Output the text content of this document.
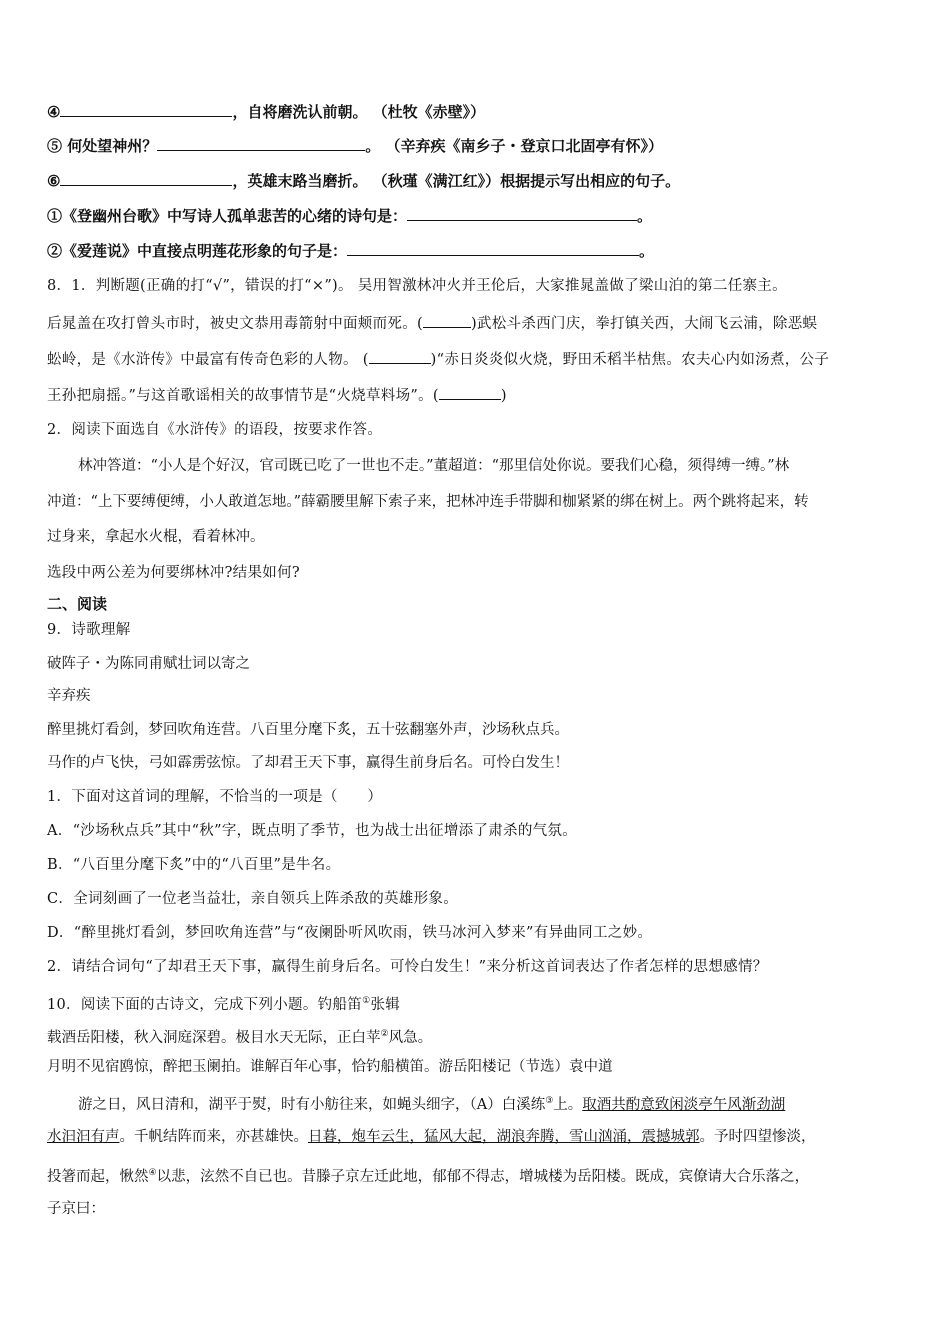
④	，自将磨洗认前朝。 （杜牧《赤壁》）
⑤ 何处望神州？	。 （辛弃疾《南乡子・登京口北固亭有怀》）
⑥	，英雄末路当磨折。 （秋瑾《满江红》）根据提示写出相应的句子。
①《登幽州台歌》中写诗人孤单悲苦的心绪的诗句是：	。
②《爱莲说》中直接点明莲花形象的句子是：	。
8．1．判断题(正确的打“√”，错误的打“×”)。 吴用智激林冲火并王伦后，大家推晁盖做了梁山泊的第二任寨主。
后晁盖在攻打曾头市时，被史文恭用毒箭射中面颊而死。(	)武松斗杀西门庆，拳打镇关西，大闹飞云浦，除恶蜈
蚣岭，是《水浒传》中最富有传奇色彩的人物。 (	)“赤日炎炎似火烧，野田禾稻半枯焦。农夫心内如汤煮，公子
王孙把扇摇。”与这首歌谣相关的故事情节是“火烧草料场”。(	)
2．阅读下面选自《水浒传》的语段，按要求作答。
林冲答道：“小人是个好汉，官司既已吃了一世也不走。”董超道：“那里信处你说。要我们心稳，须得缚一缚。”林
冲道：“上下要缚便缚，小人敢道怎地。”薛霸腰里解下索子来，把林冲连手带脚和枷紧紧的绑在树上。两个跳将起来，转
过身来，拿起水火棍，看着林冲。
选段中两公差为何要绑林冲?结果如何?
二、阅读
9．诗歌理解
破阵子・为陈同甫赋壮词以寄之
辛弃疾
醉里挑灯看剑，梦回吹角连营。八百里分麾下炙，五十弦翻塞外声，沙场秋点兵。
马作的卢飞快，弓如霹雳弦惊。了却君王天下事，赢得生前身后名。可怜白发生！
1．下面对这首词的理解，不恰当的一项是（　　）
A．“沙场秋点兵”其中“秋”字，既点明了季节，也为战士出征增添了肃杀的气氛。
B．“八百里分麾下炙”中的“八百里”是牛名。
C．全词刻画了一位老当益壮，亲自领兵上阵杀敌的英雄形象。
D．“醉里挑灯看剑，梦回吹角连营”与“夜阑卧听风吹雨，铁马冰河入梦来”有异曲同工之妙。
2．请结合词句“了却君王天下事，赢得生前身后名。可怜白发生！”来分析这首词表达了作者怎样的思想感情？
10．阅读下面的古诗文，完成下列小题。钓船笛①张辑
载酒岳阳楼，秋入洞庭深碧。极目水天无际，正白苹②风急。
月明不见宿鸥惊，醉把玉阑拍。谁解百年心事，恰钓船横笛。游岳阳楼记（节选）袁中道
游之日，风日清和，湖平于熨，时有小舫往来，如蝇头细字，（A）白溪练③上。取酒共酌意致闲淡亭午风渐劲湖
水汩汩有声。千帆结阵而来，亦甚雄快。日暮，炮车云生，猛风大起，湖浪奔腾，雪山汹涌，震撼城郭。予时四望惨淡，
投箸而起，愀然④以悲，泫然不自已也。昔滕子京左迁此地，郁郁不得志，增城楼为岳阳楼。既成，宾僚请大合乐落之，
子京曰：
